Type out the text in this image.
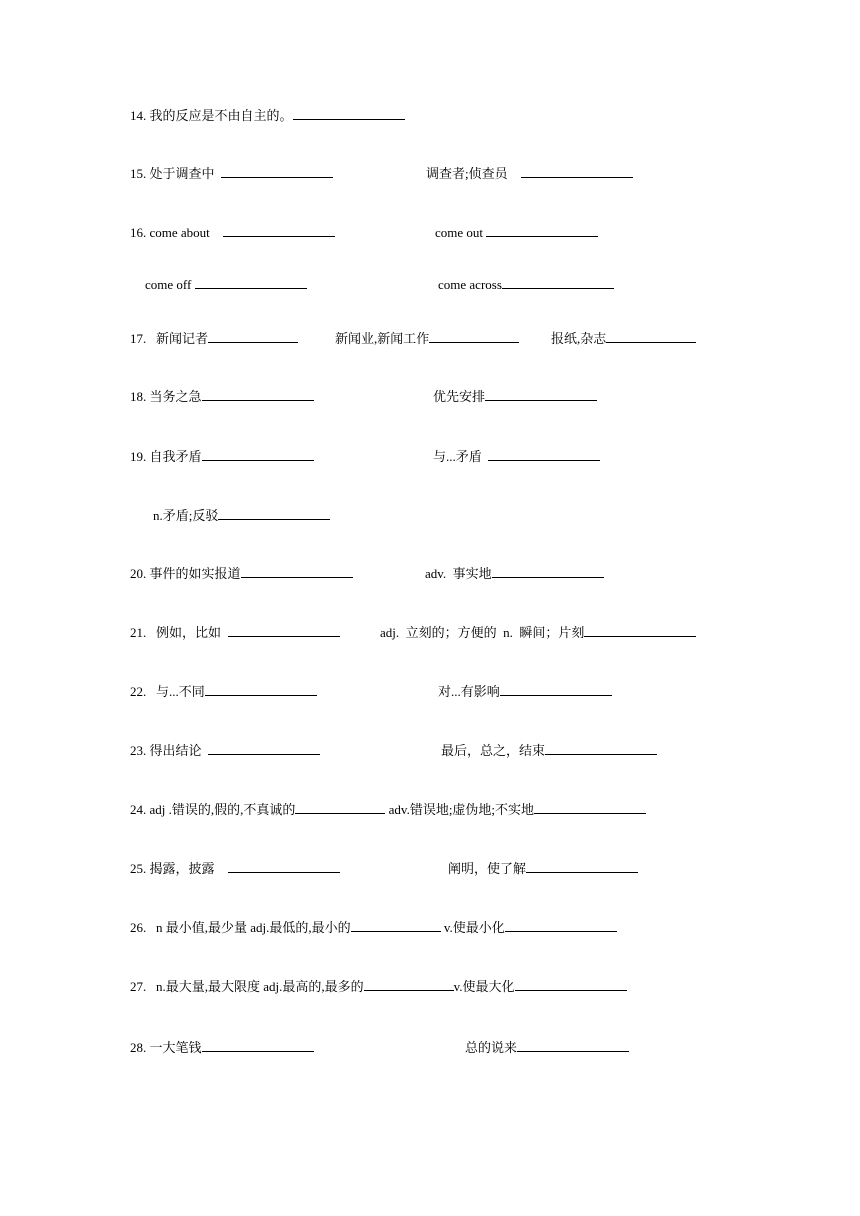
14. 我的反应是不由自主的。
15. 处于调查中	调查者;侦查员
16. come about	come out
come off	come across
17.   新闻记者	新闻业,新闻工作	报纸,杂志
18. 当务之急	优先安排
19. 自我矛盾	与...矛盾
n.矛盾;反驳
20. 事件的如实报道	adv.  事实地
21.   例如，比如	adj.  立刻的；方便的  n.  瞬间；片刻
22.   与...不同	对...有影响
23. 得出结论	最后，总之，结束
24. adj .错误的,假的,不真诚的	adv.错误地;虚伪地;不实地
25. 揭露，披露	阐明，使了解
26.   n 最小值,最少量 adj.最低的,最小的	v.使最小化
27.   n.最大量,最大限度 adj.最高的,最多的	v.使最大化
28. 一大笔钱	总的说来
